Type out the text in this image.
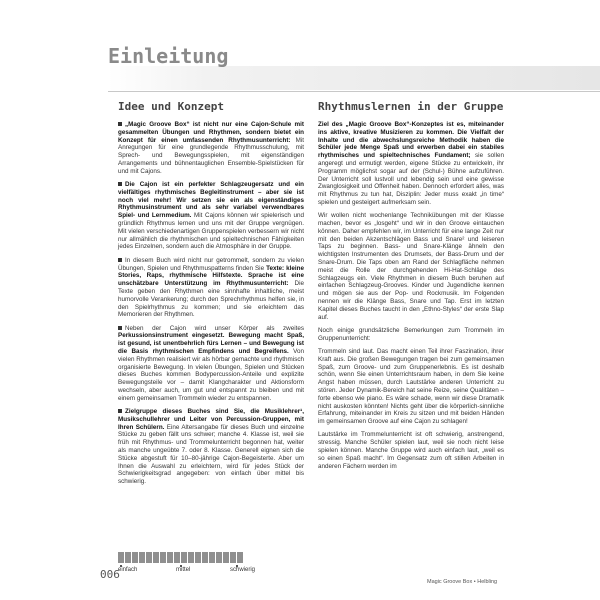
Einleitung
Idee und Konzept	Rhythmuslernen in der Gruppe

„Magic Groove Box“ ist nicht nur eine Cajon-Schule mit gesammelten Übungen und Rhythmen, sondern bietet ein Konzept für einen umfassenden Rhythmusunterricht: Mit Anregungen für eine grundlegende Rhythmusschulung, mit Sprech- und Bewegungsspielen, mit eigenständigen Arrangements und bühnentauglichen Ensemble-Spielstücken für und mit Cajons.

Die Cajon ist ein perfekter Schlagzeugersatz und ein vielfältiges rhythmisches Begleitinstrument – aber sie ist noch viel mehr! Wir setzen sie ein als eigenständiges Rhythmusinstrument und als sehr variabel verwendbares Spiel- und Lernmedium. Mit Cajons können wir spielerisch und gründlich Rhythmus lernen und uns mit der Gruppe vergnügen. Mit vielen verschiedenartigen Gruppenspielen verbessern wir nicht nur allmählich die rhythmischen und spieltechnischen Fähigkeiten jedes Einzelnen, sondern auch die Atmosphäre in der Gruppe.

In diesem Buch wird nicht nur getrommelt, sondern zu vielen Übungen, Spielen und Rhythmuspatterns finden Sie Texte: kleine Stories, Raps, rhythmische Hilfstexte. Sprache ist eine unschätzbare Unterstützung im Rhythmusunterricht: Die Texte geben den Rhythmen eine sinnhafte inhaltliche, meist humorvolle Verankerung; durch den Sprechrhythmus helfen sie, in den Spielrhythmus zu kommen; und sie erleichtern das Memorieren der Rhythmen.

Neben der Cajon wird unser Körper als zweites Perkussionsinstrument eingesetzt. Bewegung macht Spaß, ist gesund, ist unentbehrlich fürs Lernen – und Bewegung ist die Basis rhythmischen Empfindens und Begreifens. Von vielen Rhythmen realisiert wir als hörbar gemachte und rhythmisch organisierte Bewegung. In vielen Übungen, Spielen und Stücken dieses Buches kommen Bodypercussion-Anteile und explizite Bewegungsteile vor – damit Klangcharakter und Aktionsform wechseln, aber auch, um gut und entspannt zu bleiben und mit einem gemeinsamen Trommeln wieder zu entspannen.

Zielgruppe dieses Buches sind Sie, die Musiklehrer¹, Musikschullehrer und Leiter von Percussion-Gruppen, mit Ihren Schülern. Eine Altersangabe für dieses Buch und einzelne Stücke zu geben fällt uns schwer; manche 4. Klasse ist, weil sie früh mit Rhythmus- und Trommelunterricht begonnen hat, weiter als manche ungeübte 7. oder 8. Klasse. Generell eignen sich die Stücke abgestuft für 10–80-jährige Cajon-Begeisterte. Aber um Ihnen die Auswahl zu erleichtern, wird für jedes Stück der Schwierigkeitsgrad angegeben: von einfach über mittel bis schwierig.

Ziel des „Magic Groove Box“-Konzeptes ist es, miteinander ins aktive, kreative Musizieren zu kommen. Die Vielfalt der Inhalte und die abwechslungsreiche Methodik haben die Schüler jede Menge Spaß und erwerben dabei ein stabiles rhythmisches und spieltechnisches Fundament; sie sollen angeregt und ermutigt werden, eigene Stücke zu entwickeln, ihr Programm möglichst sogar auf der (Schul-) Bühne aufzuführen. Der Unterricht soll lustvoll und lebendig sein und eine gewisse Zwanglosigkeit und Offenheit haben. Dennoch erfordert alles, was mit Rhythmus zu tun hat, Disziplin: Jeder muss exakt „in time“ spielen und gesteigert aufmerksam sein.

Wir wollen nicht wochenlange Technikübungen mit der Klasse machen, bevor es „losgeht“ und wir in den Groove eintauchen können. Daher empfehlen wir, im Unterricht für eine lange Zeit nur mit den beiden Akzentschlägen Bass und Snare² und leiseren Taps zu beginnen. Bass- und Snare-Klänge ähneln den wichtigsten Instrumenten des Drumsets, der Bass-Drum und der Snare-Drum. Die Taps oben am Rand der Schlagfläche nehmen meist die Rolle der durchgehenden Hi-Hat-Schläge des Schlagzeugs ein. Viele Rhythmen in diesem Buch beruhen auf einfachen Schlagzeug-Grooves. Kinder und Jugendliche kennen und mögen sie aus der Pop- und Rockmusik. Im Folgenden nennen wir die Klänge Bass, Snare und Tap. Erst im letzten Kapitel dieses Buches taucht in den „Ethno-Styles“ der erste Slap auf.

Noch einige grundsätzliche Bemerkungen zum Trommeln im Gruppenunterricht:

Trommeln sind laut. Das macht einen Teil ihrer Faszination, ihrer Kraft aus. Die großen Bewegungen tragen bei zum gemeinsamen Spaß, zum Groove- und zum Gruppenerlebnis. Es ist deshalb schön, wenn Sie einen Unterrichtsraum haben, in dem Sie keine Angst haben müssen, durch Lautstärke anderen Unterricht zu stören. Jeder Dynamik-Bereich hat seine Reize, seine Qualitäten – forte ebenso wie piano. Es wäre schade, wenn wir diese Dramatik nicht auskosten könnten! Nichts geht über die körperlich-sinnliche Erfahrung, miteinander im Kreis zu sitzen und mit beiden Händen im gemeinsamen Groove auf eine Cajon zu schlagen!

Lautstärke im Trommelunterricht ist oft schwierig, anstrengend, stressig. Manche Schüler spielen laut, weil sie noch nicht leise spielen können. Manche Gruppe wird auch einfach laut, „weil es so einen Spaß macht“. Im Gegensatz zum oft stillen Arbeiten in anderen Fächern werden im

006
einfach	mittel	schwierig
Magic Groove Box • Helbling
